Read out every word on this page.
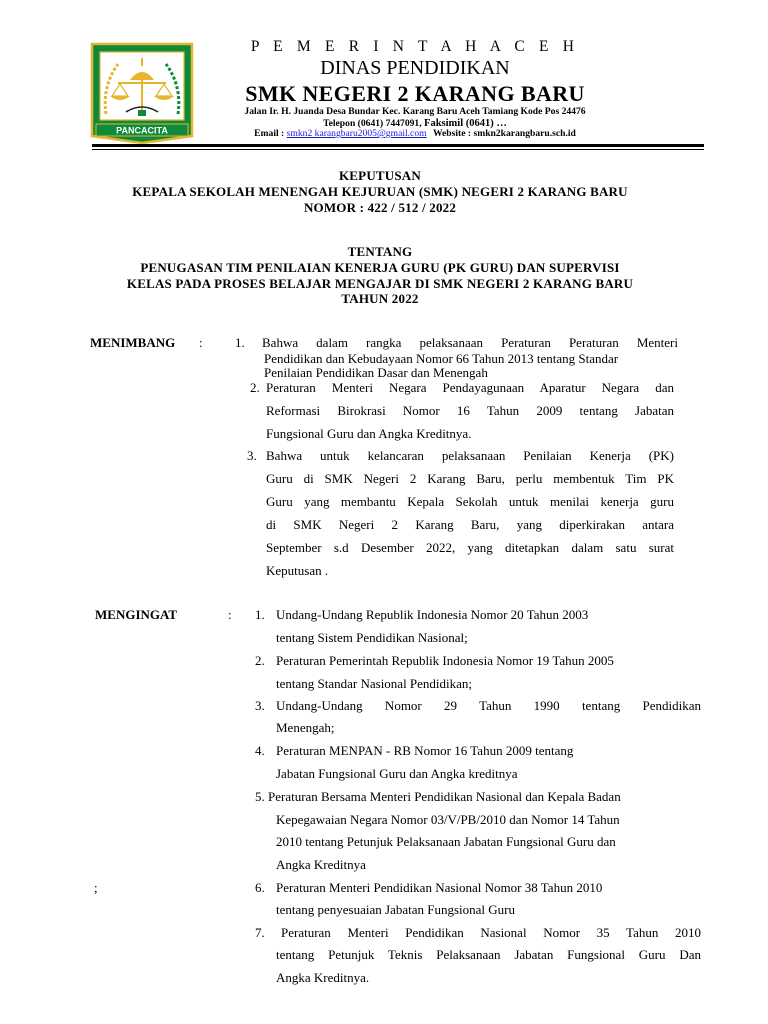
PANCACITA
P E M E R I N T A H A C E H
DINAS PENDIDIKAN
SMK NEGERI 2 KARANG BARU
Jalan Ir. H. Juanda Desa Bundar Kec. Karang Baru Aceh Tamiang Kode Pos 24476
Telepon (0641) 7447091, Faksimil (0641) …
Email : smkn2 karangbaru2005@gmail.com Website : smkn2karangbaru.sch.id
KEPUTUSAN
KEPALA SEKOLAH MENENGAH KEJURUAN (SMK) NEGERI 2 KARANG BARU
NOMOR : 422 / 512 / 2022
TENTANG
PENUGASAN TIM PENILAIAN KENERJA GURU (PK GURU) DAN SUPERVISI
KELAS PADA PROSES BELAJAR MENGAJAR DI SMK NEGERI 2 KARANG BARU
TAHUN 2022
MENIMBANG : 1. Bahwa dalam rangka pelaksanaan Peraturan Peraturan Menteri
Pendidikan dan Kebudayaan Nomor 66 Tahun 2013 tentang Standar
Penilaian Pendidikan Dasar dan Menengah
2. Peraturan Menteri Negara Pendayagunaan Aparatur Negara dan
Reformasi Birokrasi Nomor 16 Tahun 2009 tentang Jabatan
Fungsional Guru dan Angka Kreditnya.
3. Bahwa untuk kelancaran pelaksanaan Penilaian Kenerja (PK)
Guru di SMK Negeri 2 Karang Baru, perlu membentuk Tim PK
Guru yang membantu Kepala Sekolah untuk menilai kenerja guru
di SMK Negeri 2 Karang Baru, yang diperkirakan antara
September s.d Desember 2022, yang ditetapkan dalam satu surat
Keputusan .
MENGINGAT	: 1. Undang-Undang Republik Indonesia Nomor 20 Tahun 2003
tentang Sistem Pendidikan Nasional;
2. Peraturan Pemerintah Republik Indonesia Nomor 19 Tahun 2005
tentang Standar Nasional Pendidikan;
3. Undang-Undang Nomor 29 Tahun 1990 tentang Pendidikan
Menengah;
4. Peraturan MENPAN - RB Nomor 16 Tahun 2009 tentang
Jabatan Fungsional Guru dan Angka kreditnya
5. Peraturan Bersama Menteri Pendidikan Nasional dan Kepala Badan
Kepegawaian Negara Nomor 03/V/PB/2010 dan Nomor 14 Tahun
2010 tentang Petunjuk Pelaksanaan Jabatan Fungsional Guru dan
Angka Kreditnya
;	6. Peraturan Menteri Pendidikan Nasional Nomor 38 Tahun 2010
tentang penyesuaian Jabatan Fungsional Guru
7. Peraturan Menteri Pendidikan Nasional Nomor 35 Tahun 2010
tentang Petunjuk Teknis Pelaksanaan Jabatan Fungsional Guru Dan
Angka Kreditnya.
